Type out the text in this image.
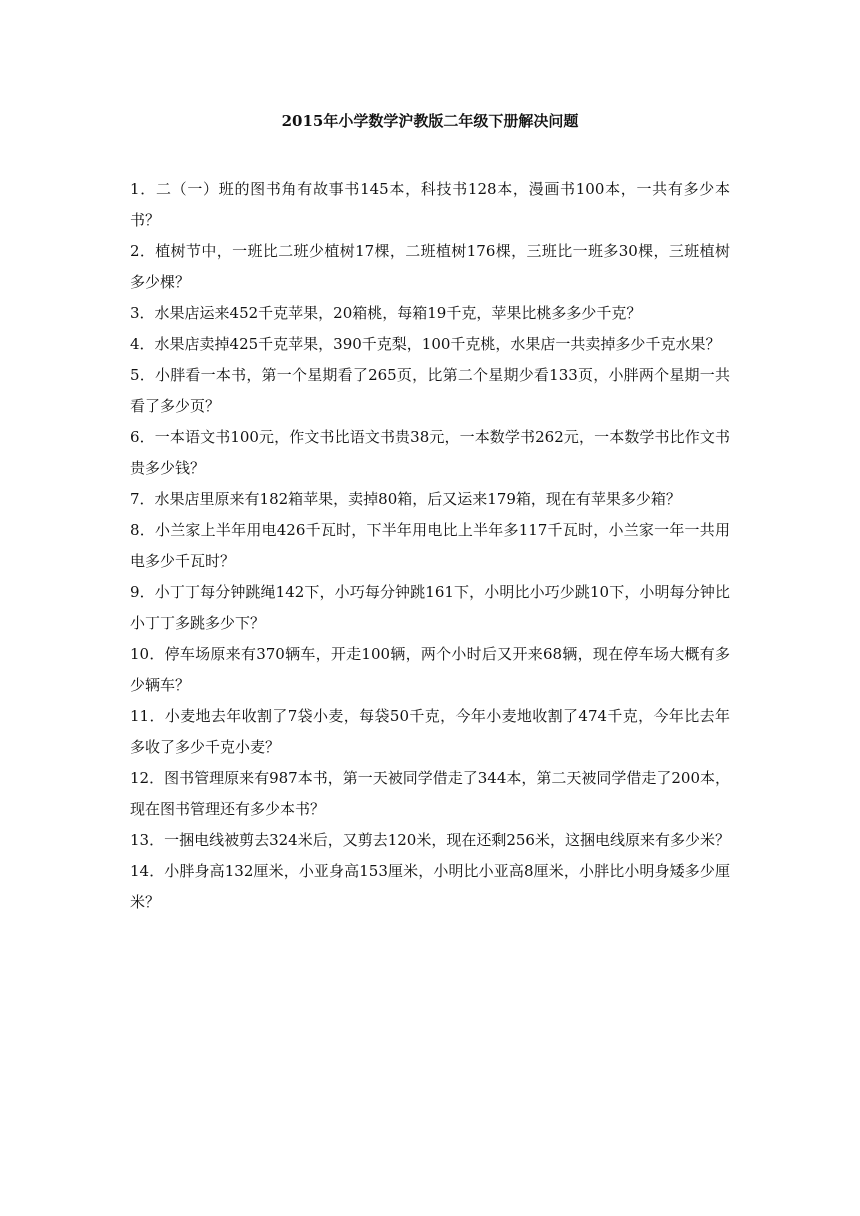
2015年小学数学沪教版二年级下册解决问题
1．二（一）班的图书角有故事书145本，科技书128本，漫画书100本，一共有多少本书？
2．植树节中，一班比二班少植树17棵，二班植树176棵，三班比一班多30棵，三班植树多少棵？
3．水果店运来452千克苹果，20箱桃，每箱19千克，苹果比桃多多少千克？
4．水果店卖掉425千克苹果，390千克梨，100千克桃，水果店一共卖掉多少千克水果？
5．小胖看一本书，第一个星期看了265页，比第二个星期少看133页，小胖两个星期一共看了多少页？
6．一本语文书100元，作文书比语文书贵38元，一本数学书262元，一本数学书比作文书贵多少钱？
7．水果店里原来有182箱苹果，卖掉80箱，后又运来179箱，现在有苹果多少箱？
8．小兰家上半年用电426千瓦时，下半年用电比上半年多117千瓦时，小兰家一年一共用电多少千瓦时？
9．小丁丁每分钟跳绳142下，小巧每分钟跳161下，小明比小巧少跳10下，小明每分钟比小丁丁多跳多少下？
10．停车场原来有370辆车，开走100辆，两个小时后又开来68辆，现在停车场大概有多少辆车？
11．小麦地去年收割了7袋小麦，每袋50千克，今年小麦地收割了474千克，今年比去年多收了多少千克小麦？
12．图书管理原来有987本书，第一天被同学借走了344本，第二天被同学借走了200本，现在图书管理还有多少本书？
13．一捆电线被剪去324米后，又剪去120米，现在还剩256米，这捆电线原来有多少米？
14．小胖身高132厘米，小亚身高153厘米，小明比小亚高8厘米，小胖比小明身矮多少厘米？
